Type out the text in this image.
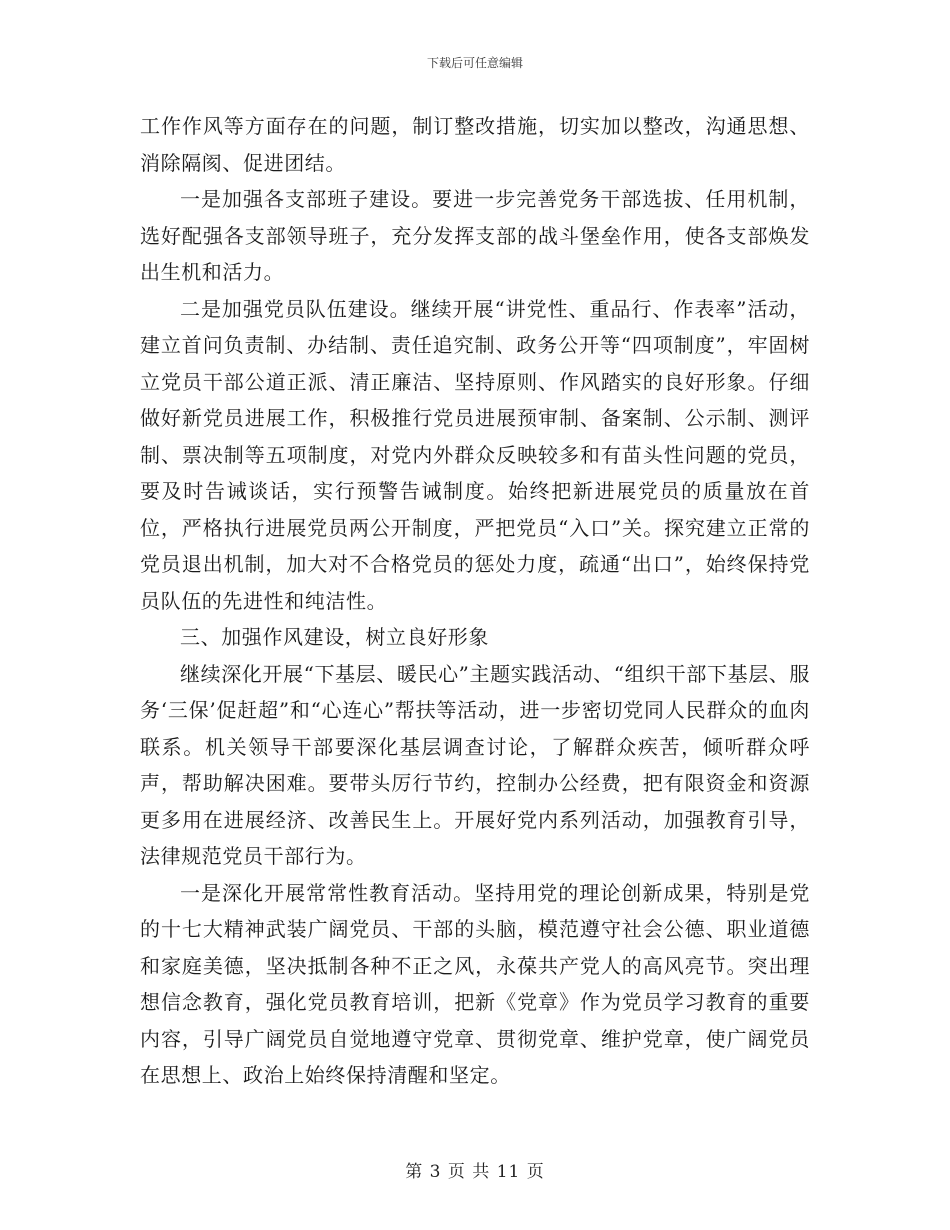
下载后可任意编辑

工作作风等方面存在的问题，制订整改措施，切实加以整改，沟通思想、消除隔阂、促进团结。

一是加强各支部班子建设。要进一步完善党务干部选拔、任用机制，选好配强各支部领导班子，充分发挥支部的战斗堡垒作用，使各支部焕发出生机和活力。

二是加强党员队伍建设。继续开展“讲党性、重品行、作表率”活动，建立首问负责制、办结制、责任追究制、政务公开等“四项制度”，牢固树立党员干部公道正派、清正廉洁、坚持原则、作风踏实的良好形象。仔细做好新党员进展工作，积极推行党员进展预审制、备案制、公示制、测评制、票决制等五项制度，对党内外群众反映较多和有苗头性问题的党员，要及时告诫谈话，实行预警告诫制度。始终把新进展党员的质量放在首位，严格执行进展党员两公开制度，严把党员“入口”关。探究建立正常的党员退出机制，加大对不合格党员的惩处力度，疏通“出口”，始终保持党员队伍的先进性和纯洁性。

三、加强作风建设，树立良好形象

继续深化开展“下基层、暖民心”主题实践活动、“组织干部下基层、服务‘三保’促赶超”和“心连心”帮扶等活动，进一步密切党同人民群众的血肉联系。机关领导干部要深化基层调查讨论，了解群众疾苦，倾听群众呼声，帮助解决困难。要带头厉行节约，控制办公经费，把有限资金和资源更多用在进展经济、改善民生上。开展好党内系列活动，加强教育引导，法律规范党员干部行为。

一是深化开展常常性教育活动。坚持用党的理论创新成果，特别是党的十七大精神武装广阔党员、干部的头脑，模范遵守社会公德、职业道德和家庭美德，坚决抵制各种不正之风，永葆共产党人的高风亮节。突出理想信念教育，强化党员教育培训，把新《党章》作为党员学习教育的重要内容，引导广阔党员自觉地遵守党章、贯彻党章、维护党章，使广阔党员在思想上、政治上始终保持清醒和坚定。

第 3 页 共 11 页
